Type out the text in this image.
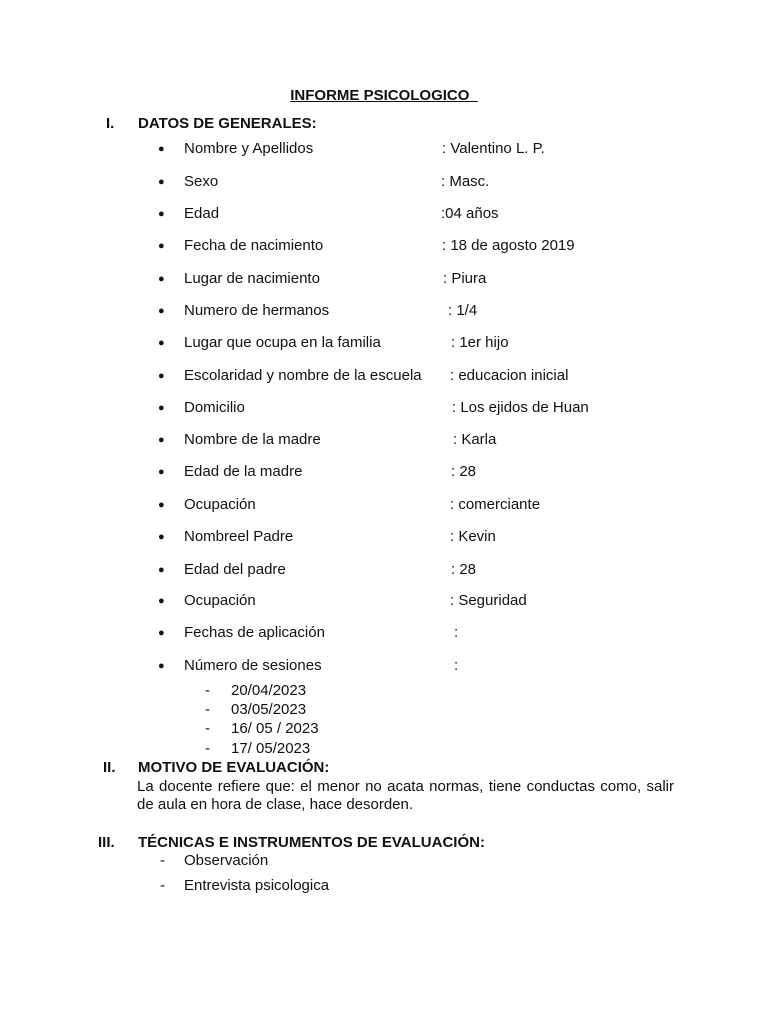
INFORME PSICOLOGICO
I. DATOS DE GENERALES:
● Nombre y Apellidos	: Valentino L. P.
● Sexo	: Masc.
● Edad	:04 años
● Fecha de nacimiento	: 18 de agosto 2019
● Lugar de nacimiento	: Piura
● Numero de hermanos	: 1/4
● Lugar que ocupa en la familia	: 1er hijo
● Escolaridad y nombre de la escuela : educacion inicial
● Domicilio	: Los ejidos de Huan
● Nombre de la madre	: Karla
● Edad de la madre	: 28
● Ocupación	: comerciante
● Nombreel Padre	: Kevin
● Edad del padre	: 28
● Ocupación	: Seguridad
● Fechas de aplicación	:
● Número de sesiones	:
- 20/04/2023
- 03/05/2023
- 16/ 05 / 2023
- 17/ 05/2023
II. MOTIVO DE EVALUACIÓN:
La docente refiere que: el menor no acata normas, tiene conductas como, salir de aula en hora de clase, hace desorden.
III. TÉCNICAS E INSTRUMENTOS DE EVALUACIÓN:
- Observación
- Entrevista psicologica
